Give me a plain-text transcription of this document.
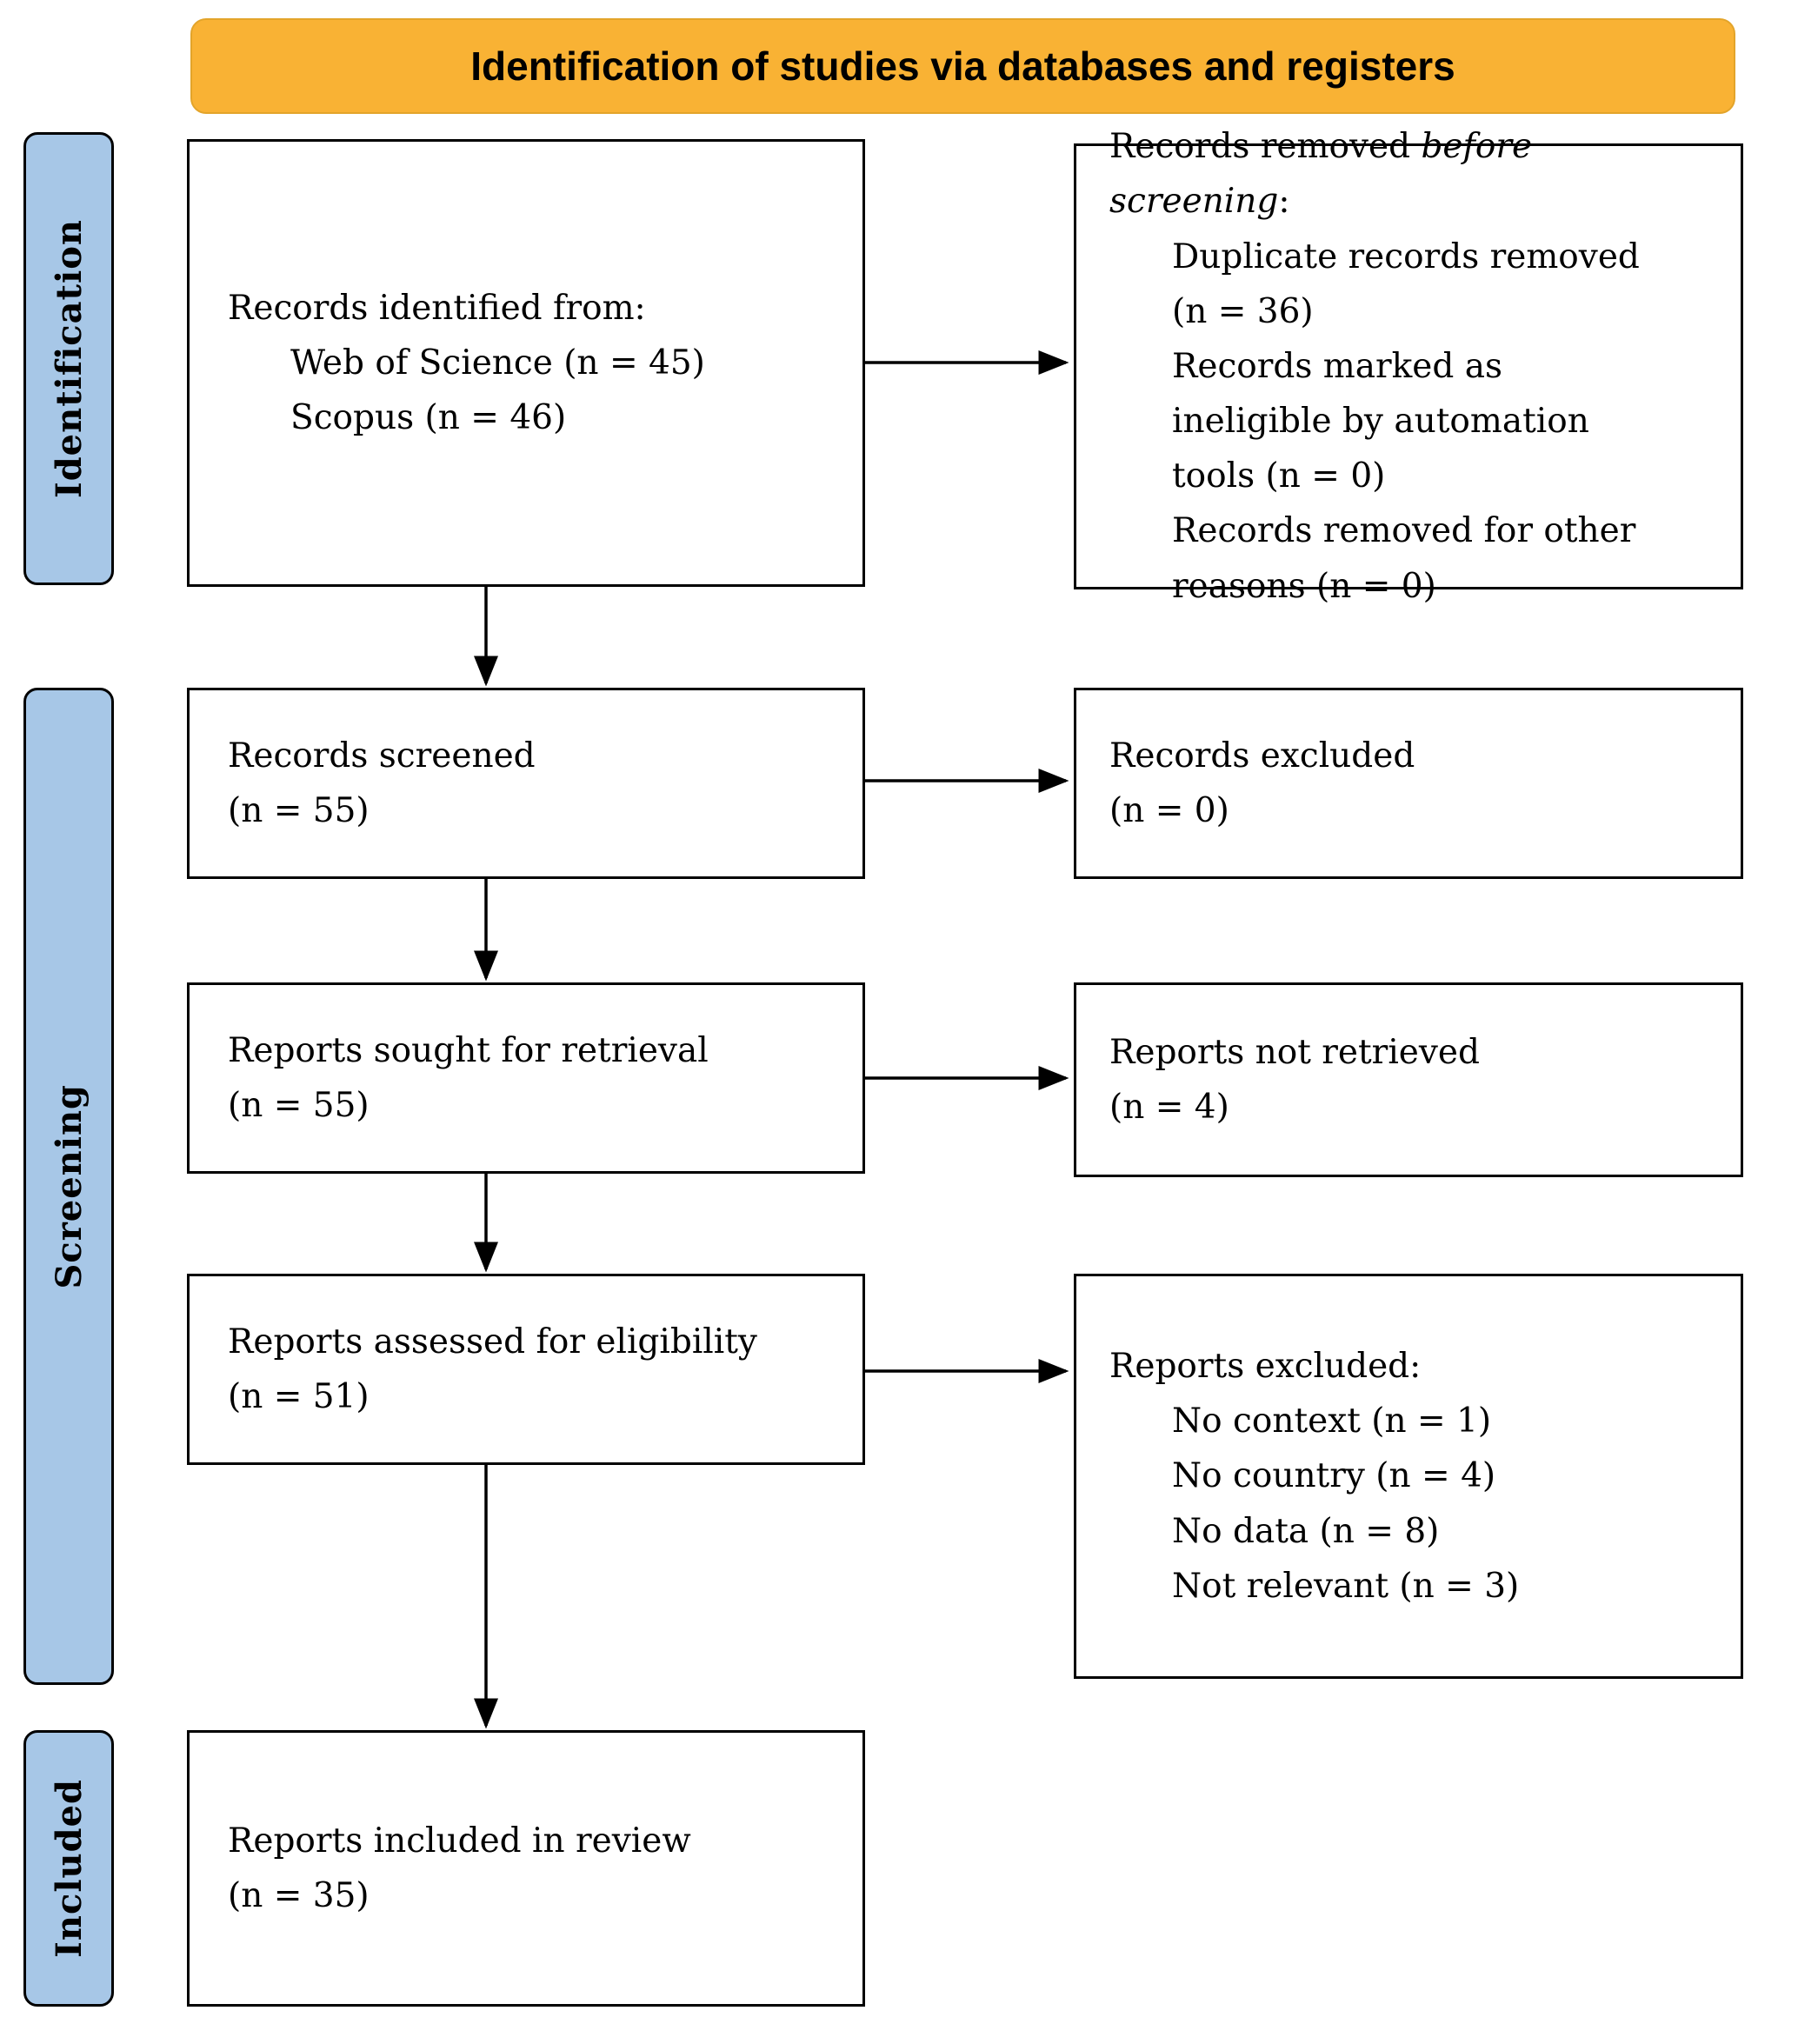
Identification of studies via databases and registers
Identification
Screening
Included
Records identified from:
Web of Science (n = 45)
Scopus (n = 46)
Records removed before screening:
Duplicate records removed (n = 36)
Records marked as ineligible by automation tools (n = 0)
Records removed for other reasons (n = 0)
Records screened
(n = 55)
Records excluded
(n = 0)
Reports sought for retrieval
(n = 55)
Reports not retrieved
(n = 4)
Reports assessed for eligibility
(n = 51)
Reports excluded:
No context (n = 1)
No country (n = 4)
No data (n = 8)
Not relevant (n = 3)
Reports included in review
(n = 35)
